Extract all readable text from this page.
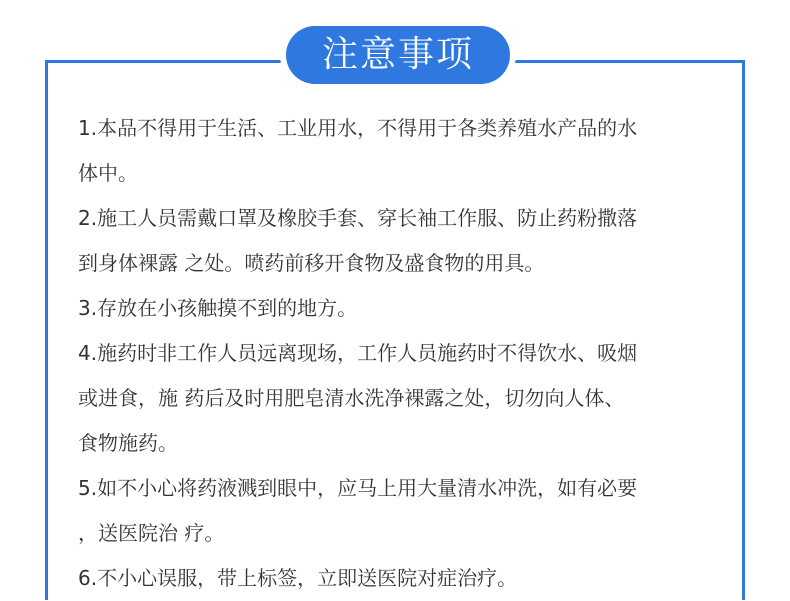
注意事项
1.本品不得用于生活、工业用水，不得用于各类养殖水产品的水
体中。
2.施工人员需戴口罩及橡胶手套、穿长袖工作服、防止药粉撒落
到身体裸露 之处。喷药前移开食物及盛食物的用具。
3.存放在小孩触摸不到的地方。
4.施药时非工作人员远离现场，工作人员施药时不得饮水、吸烟
或进食，施 药后及时用肥皂清水洗净裸露之处，切勿向人体、
食物施药。
5.如不小心将药液溅到眼中，应马上用大量清水冲洗，如有必要
，送医院治 疗。
6.不小心误服，带上标签，立即送医院对症治疗。
